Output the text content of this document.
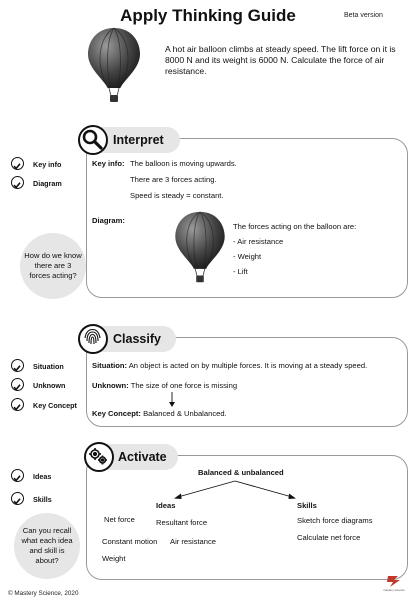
Apply Thinking Guide	Beta version
A hot air balloon climbs at steady speed. The lift force on it is 8000 N and its weight is 6000 N. Calculate the force of air resistance.
Interpret
Key info
Diagram
Key info: The balloon is moving upwards.
There are 3 forces acting.
Speed is steady = constant.
Diagram:
The forces acting on the balloon are:
- Air resistance
- Weight
- Lift
How do we know there are 3 forces acting?
Classify
Situation
Unknown
Key Concept
Situation: An object is acted on by multiple forces. It is moving at a steady speed.
Unknown: The size of one force is missing
Key Concept: Balanced & Unbalanced.
Activate
Ideas
Skills
Balanced & unbalanced
Ideas	Skills
Net force	Resultant force
Constant motion Air resistance
Weight
Sketch force diagrams
Calculate net force
Can you recall what each idea and skill is about?
© Mastery Science, 2020	mastery science
